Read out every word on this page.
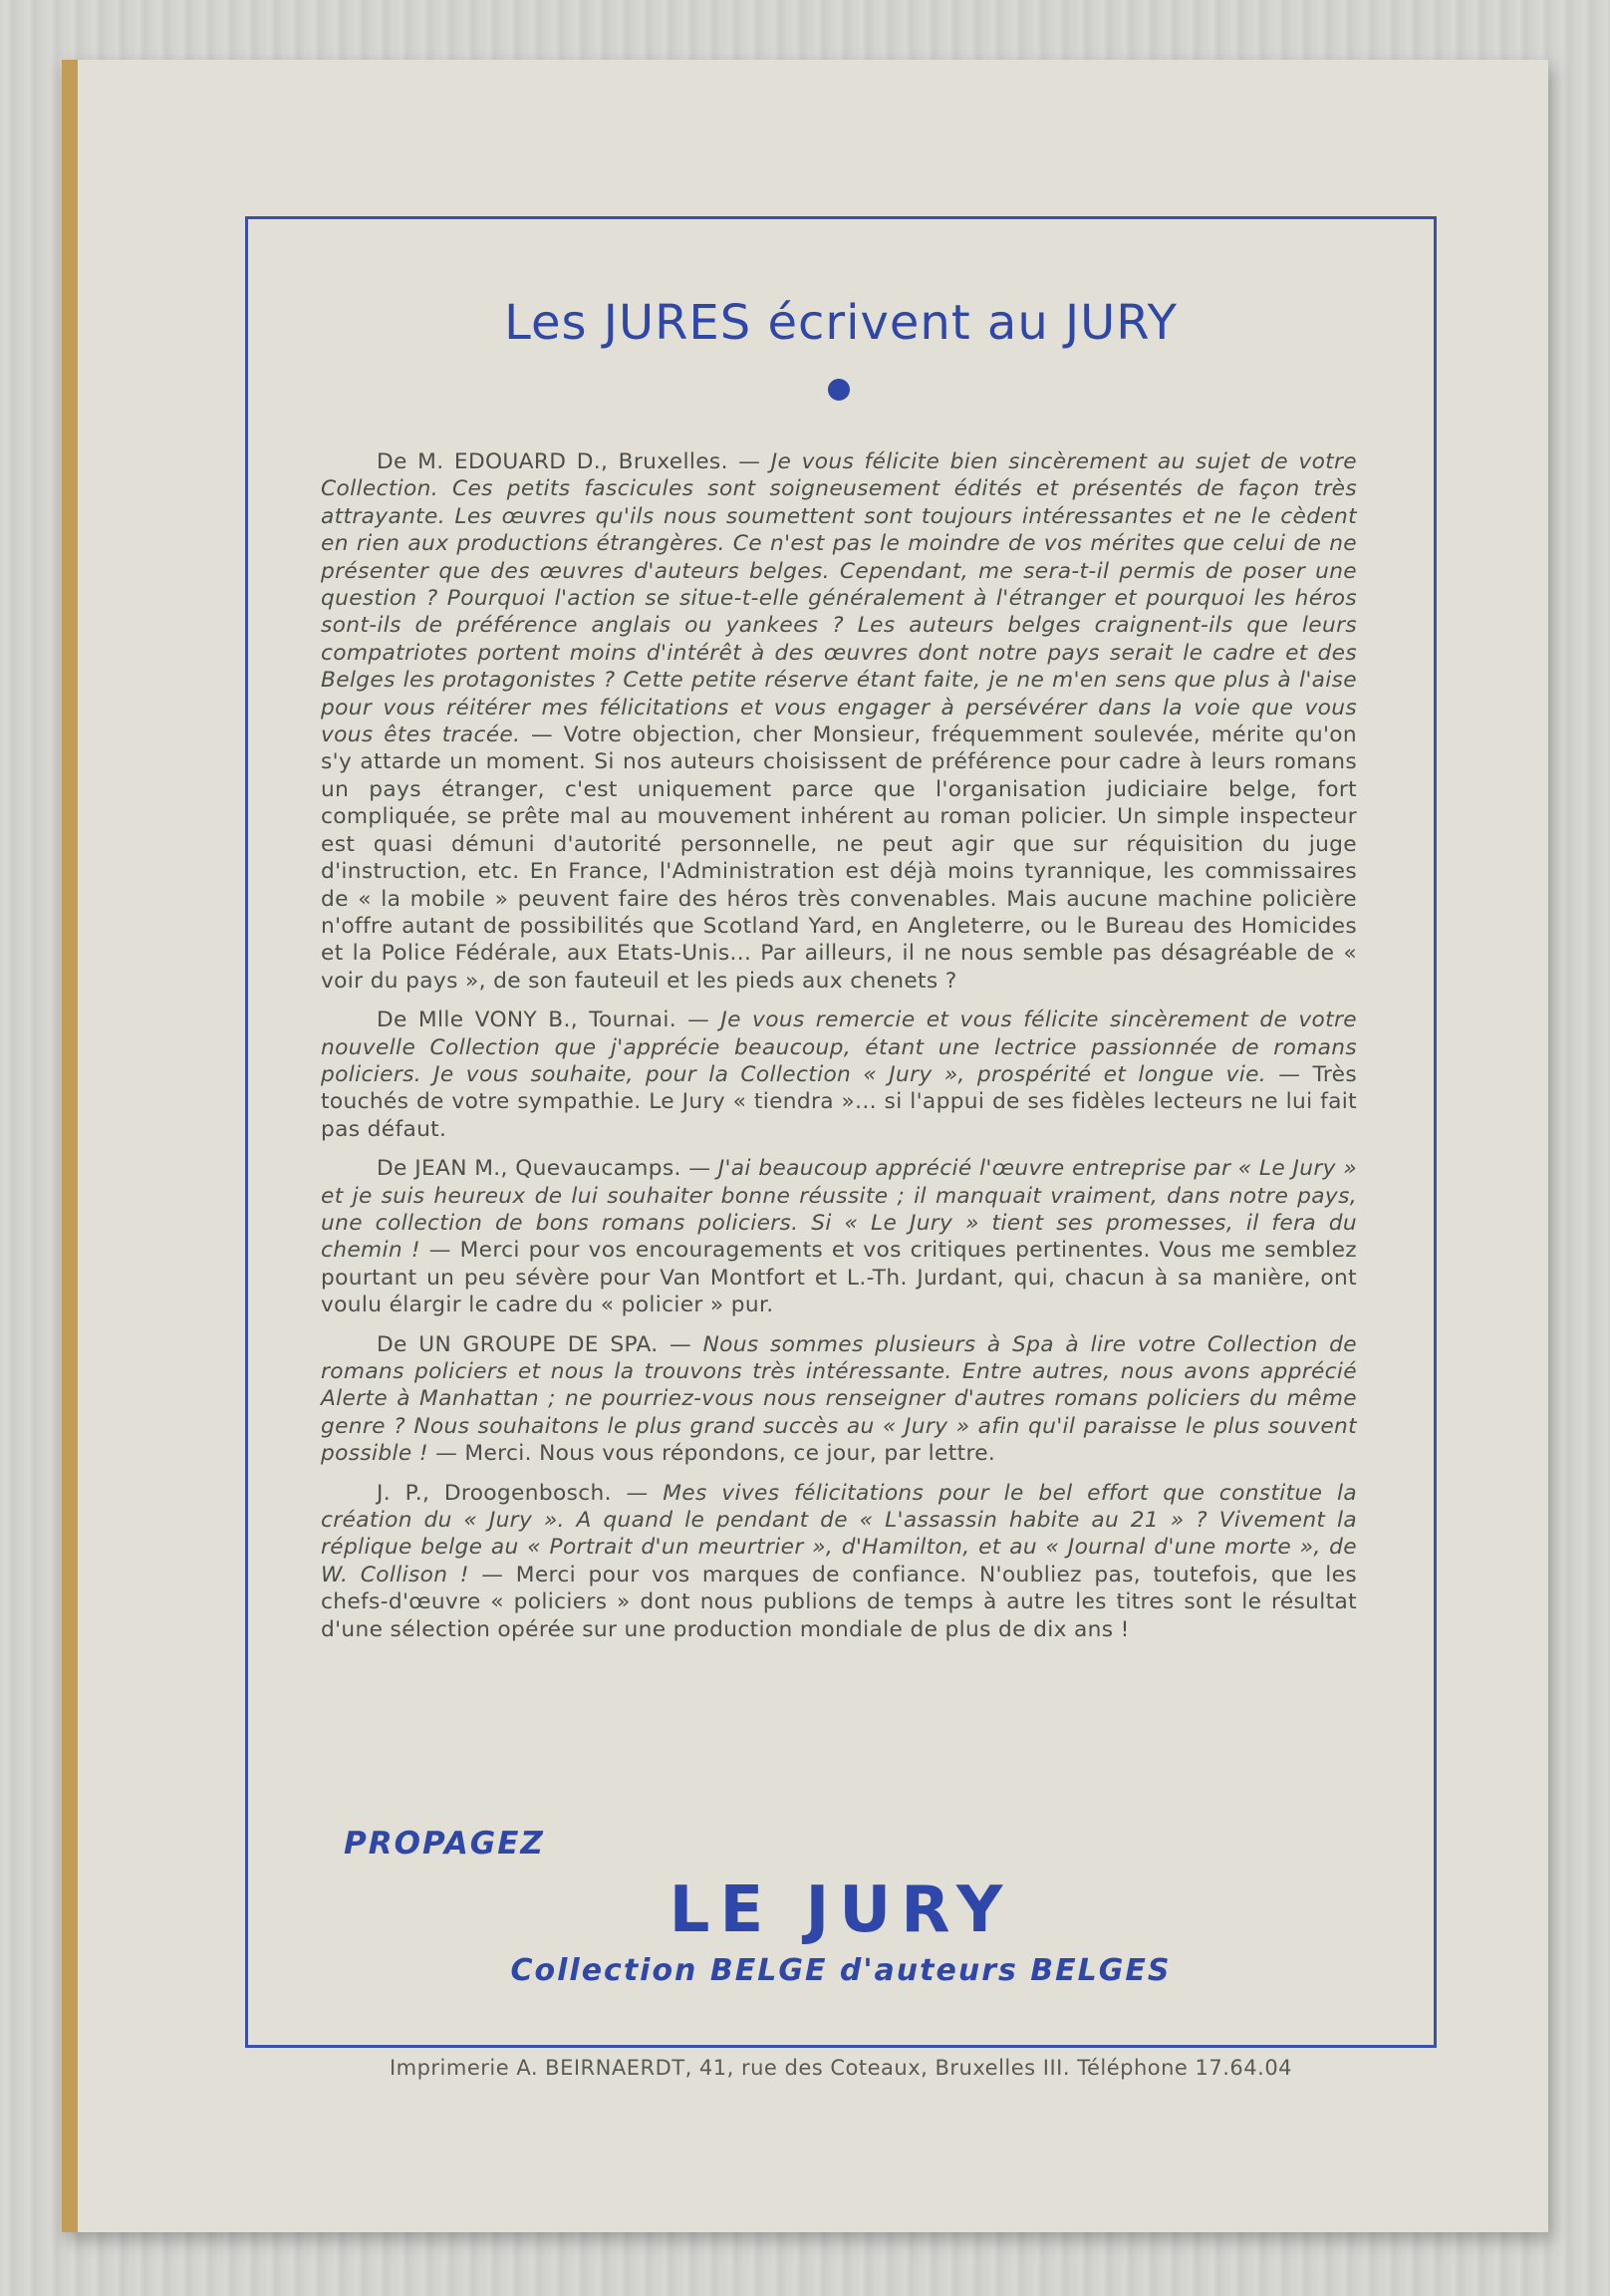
Les JURES écrivent au JURY

De M. EDOUARD D., Bruxelles. — Je vous félicite bien sincèrement au sujet de votre Collection. Ces petits fascicules sont soigneusement édités et présentés de façon très attrayante. Les œuvres qu'ils nous soumettent sont toujours intéressantes et ne le cèdent en rien aux productions étrangères. Ce n'est pas le moindre de vos mérites que celui de ne présenter que des œuvres d'auteurs belges. Cependant, me sera-t-il permis de poser une question ? Pourquoi l'action se situe-t-elle généralement à l'étranger et pourquoi les héros sont-ils de préférence anglais ou yankees ? Les auteurs belges craignent-ils que leurs compatriotes portent moins d'intérêt à des œuvres dont notre pays serait le cadre et des Belges les protagonistes ? Cette petite réserve étant faite, je ne m'en sens que plus à l'aise pour vous réitérer mes félicitations et vous engager à persévérer dans la voie que vous vous êtes tracée. — Votre objection, cher Monsieur, fréquemment soulevée, mérite qu'on s'y attarde un moment. Si nos auteurs choisissent de préférence pour cadre à leurs romans un pays étranger, c'est uniquement parce que l'organisation judiciaire belge, fort compliquée, se prête mal au mouvement inhérent au roman policier. Un simple inspecteur est quasi démuni d'autorité personnelle, ne peut agir que sur réquisition du juge d'instruction, etc. En France, l'Administration est déjà moins tyrannique, les commissaires de « la mobile » peuvent faire des héros très convenables. Mais aucune machine policière n'offre autant de possibilités que Scotland Yard, en Angleterre, ou le Bureau des Homicides et la Police Fédérale, aux Etats-Unis... Par ailleurs, il ne nous semble pas désagréable de « voir du pays », de son fauteuil et les pieds aux chenets ?

De Mlle VONY B., Tournai. — Je vous remercie et vous félicite sincèrement de votre nouvelle Collection que j'apprécie beaucoup, étant une lectrice passionnée de romans policiers. Je vous souhaite, pour la Collection « Jury », prospérité et longue vie. — Très touchés de votre sympathie. Le Jury « tiendra »... si l'appui de ses fidèles lecteurs ne lui fait pas défaut.

De JEAN M., Quevaucamps. — J'ai beaucoup apprécié l'œuvre entreprise par « Le Jury » et je suis heureux de lui souhaiter bonne réussite ; il manquait vraiment, dans notre pays, une collection de bons romans policiers. Si « Le Jury » tient ses promesses, il fera du chemin ! — Merci pour vos encouragements et vos critiques pertinentes. Vous me semblez pourtant un peu sévère pour Van Montfort et L.-Th. Jurdant, qui, chacun à sa manière, ont voulu élargir le cadre du « policier » pur.

De UN GROUPE DE SPA. — Nous sommes plusieurs à Spa à lire votre Collection de romans policiers et nous la trouvons très intéressante. Entre autres, nous avons apprécié Alerte à Manhattan ; ne pourriez-vous nous renseigner d'autres romans policiers du même genre ? Nous souhaitons le plus grand succès au « Jury » afin qu'il paraisse le plus souvent possible ! — Merci. Nous vous répondons, ce jour, par lettre.

J. P., Droogenbosch. — Mes vives félicitations pour le bel effort que constitue la création du « Jury ». A quand le pendant de « L'assassin habite au 21 » ? Vivement la réplique belge au « Portrait d'un meurtrier », d'Hamilton, et au « Journal d'une morte », de W. Collison ! — Merci pour vos marques de confiance. N'oubliez pas, toutefois, que les chefs-d'œuvre « policiers » dont nous publions de temps à autre les titres sont le résultat d'une sélection opérée sur une production mondiale de plus de dix ans !

PROPAGEZ
LE JURY
Collection BELGE d'auteurs BELGES
Imprimerie A. BEIRNAERDT, 41, rue des Coteaux, Bruxelles III. Téléphone 17.64.04
